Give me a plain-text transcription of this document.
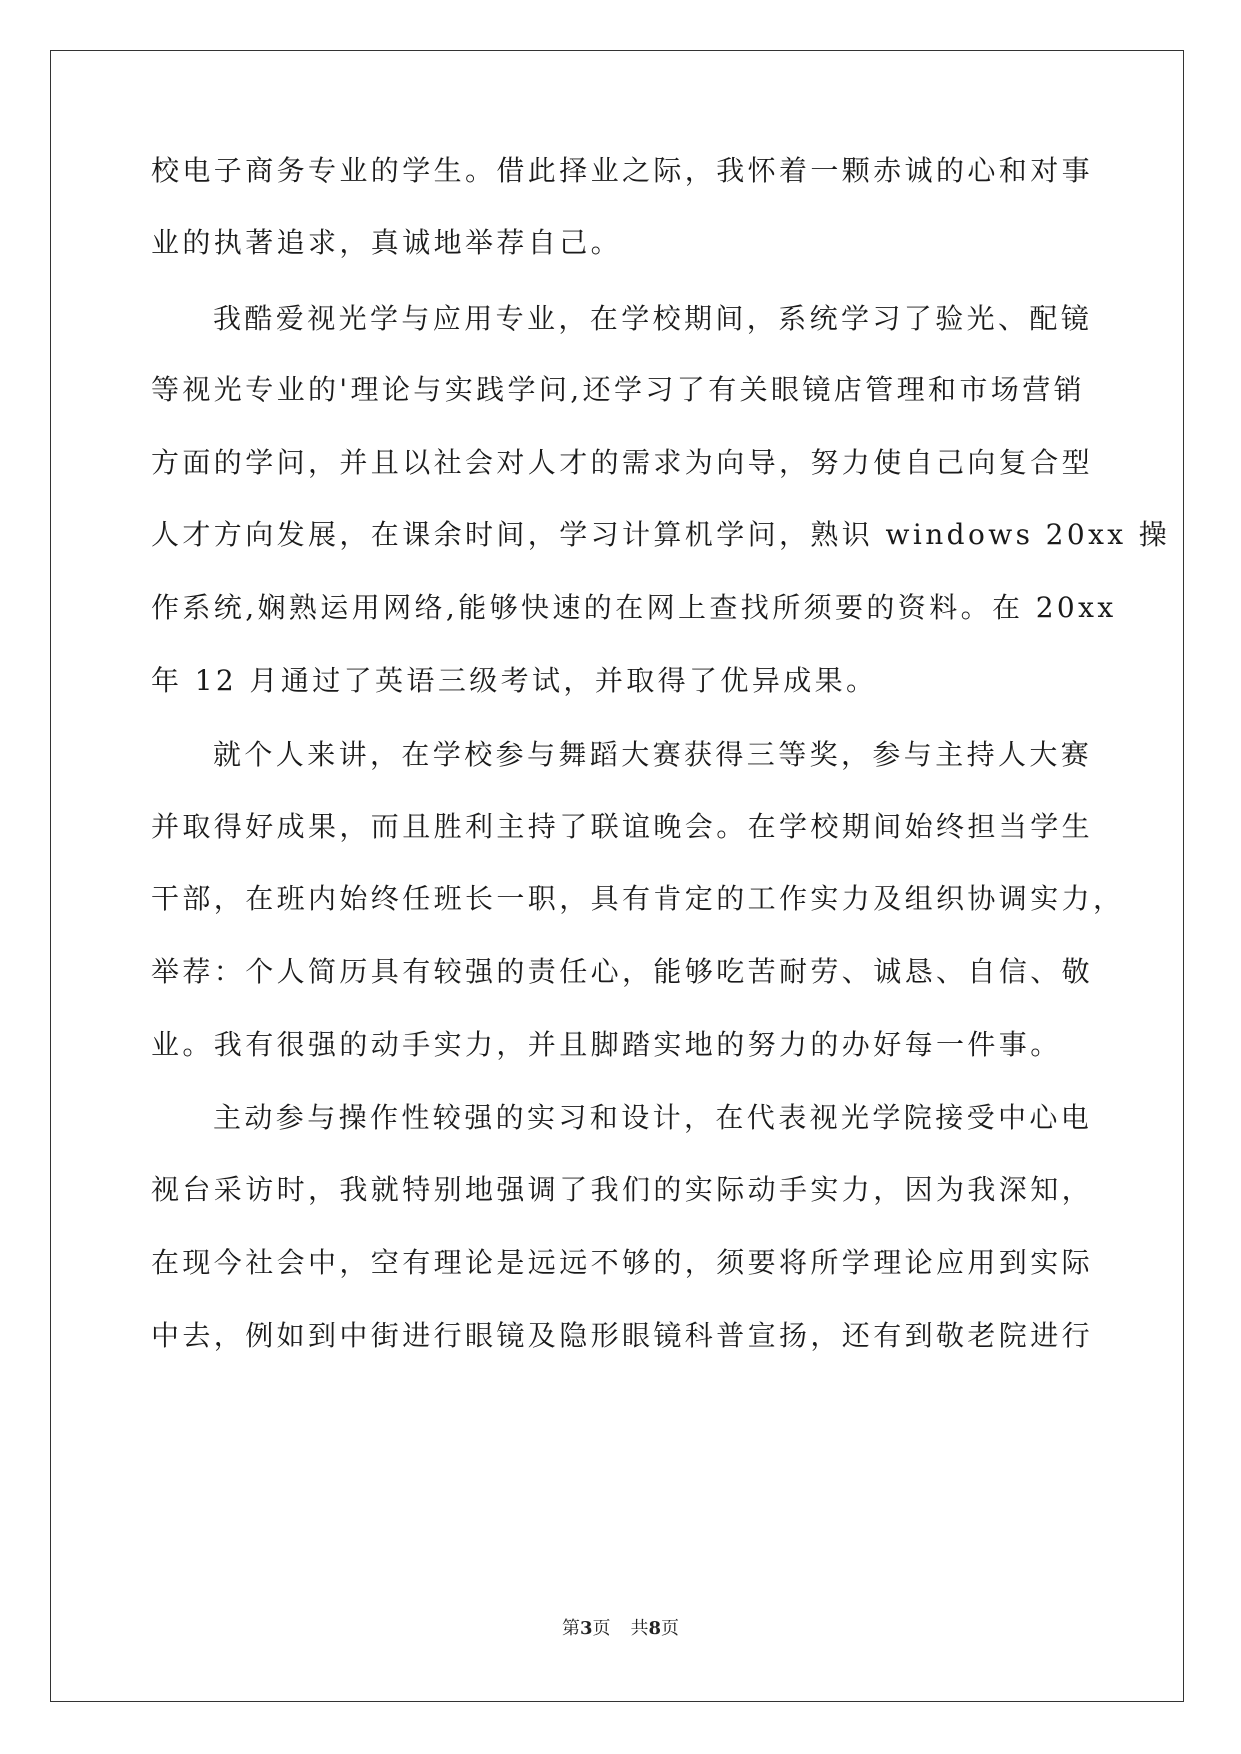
校电子商务专业的学生。借此择业之际，我怀着一颗赤诚的心和对事
业的执著追求，真诚地举荐自己。
我酷爱视光学与应用专业，在学校期间，系统学习了验光、配镜
等视光专业的'理论与实践学问,还学习了有关眼镜店管理和市场营销
方面的学问，并且以社会对人才的需求为向导，努力使自己向复合型
人才方向发展，在课余时间，学习计算机学问，熟识 windows 20xx 操
作系统,娴熟运用网络,能够快速的在网上查找所须要的资料。在 20xx
年 12 月通过了英语三级考试，并取得了优异成果。
就个人来讲，在学校参与舞蹈大赛获得三等奖，参与主持人大赛
并取得好成果，而且胜利主持了联谊晚会。在学校期间始终担当学生
干部，在班内始终任班长一职，具有肯定的工作实力及组织协调实力，
举荐：个人简历具有较强的责任心，能够吃苦耐劳、诚恳、自信、敬
业。我有很强的动手实力，并且脚踏实地的努力的办好每一件事。
主动参与操作性较强的实习和设计，在代表视光学院接受中心电
视台采访时，我就特别地强调了我们的实际动手实力，因为我深知，
在现今社会中，空有理论是远远不够的，须要将所学理论应用到实际
中去，例如到中街进行眼镜及隐形眼镜科普宣扬，还有到敬老院进行
第3页 共8页
